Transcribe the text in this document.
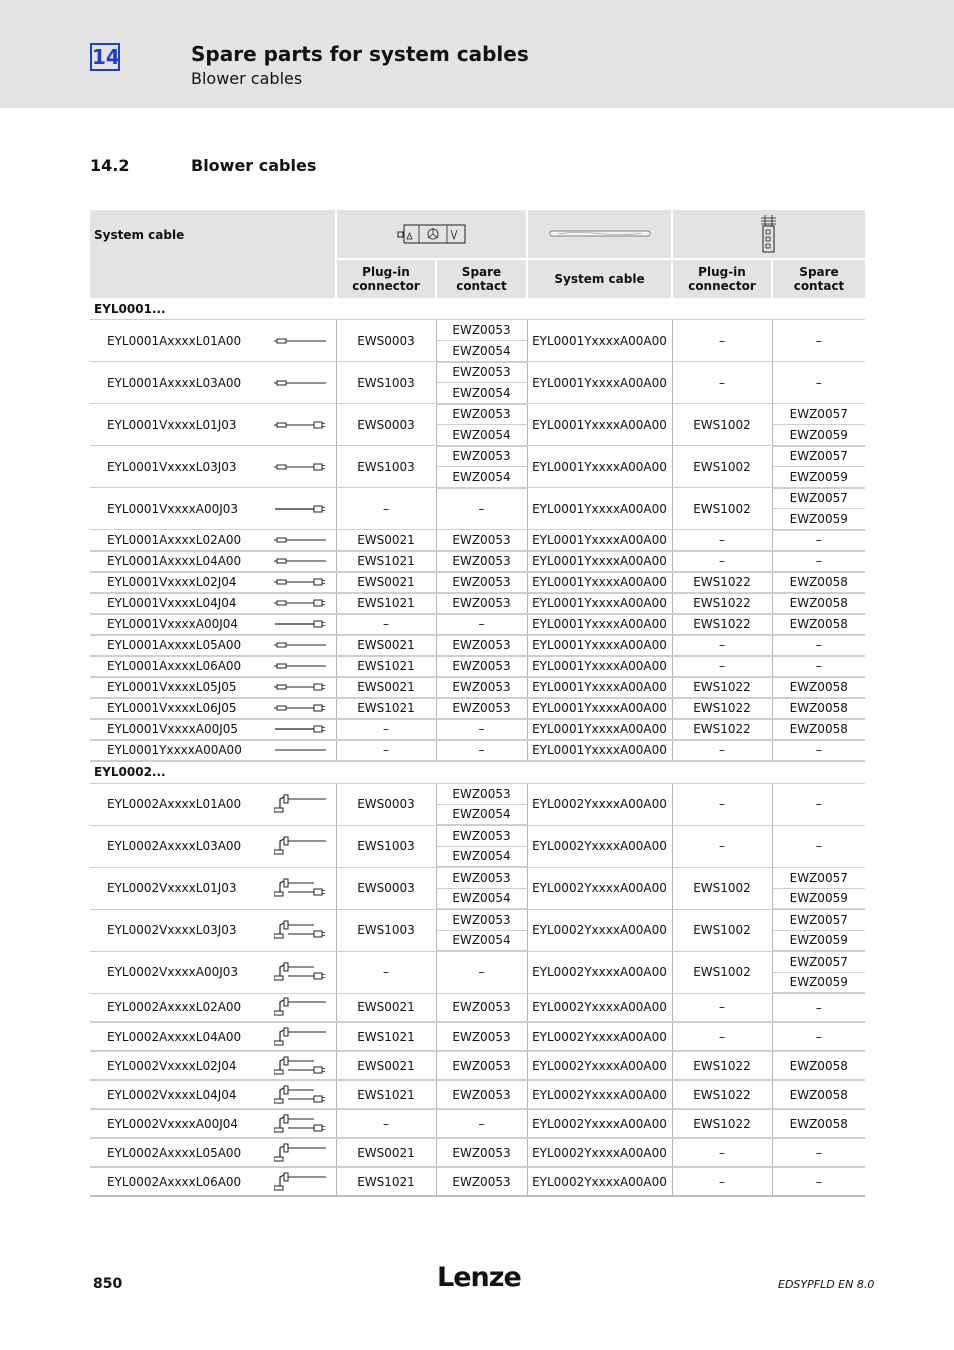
14	Spare parts for system cables
Blower cables
14.2	Blower cables
System cable	

	Plug-in connector	Spare contact	System cable	Plug-in connector	Spare contact
EYL0001...					

EYL0001AxxxxL01A00	EWS0003	EWZ0053	EYL0001YxxxxA00A00	–	–
		EWZ0054			

EYL0001AxxxxL03A00	EWS1003	EWZ0053	EYL0001YxxxxA00A00	–	–
		EWZ0054			

EYL0001VxxxxL01J03	EWS0003	EWZ0053	EYL0001YxxxxA00A00	EWS1002	EWZ0057
		EWZ0054			EWZ0059

EYL0001VxxxxL03J03	EWS1003	EWZ0053	EYL0001YxxxxA00A00	EWS1002	EWZ0057
		EWZ0054			EWZ0059

EYL0001VxxxxA00J03	–	–	EYL0001YxxxxA00A00	EWS1002	EWZ0057
					EWZ0059

EYL0001AxxxxL02A00	EWS0021	EWZ0053	EYL0001YxxxxA00A00	–	–

EYL0001AxxxxL04A00	EWS1021	EWZ0053	EYL0001YxxxxA00A00	–	–

EYL0001VxxxxL02J04	EWS0021	EWZ0053	EYL0001YxxxxA00A00	EWS1022	EWZ0058

EYL0001VxxxxL04J04	EWS1021	EWZ0053	EYL0001YxxxxA00A00	EWS1022	EWZ0058

EYL0001VxxxxA00J04	–	–	EYL0001YxxxxA00A00	EWS1022	EWZ0058

EYL0001AxxxxL05A00	EWS0021	EWZ0053	EYL0001YxxxxA00A00	–	–

EYL0001AxxxxL06A00	EWS1021	EWZ0053	EYL0001YxxxxA00A00	–	–

EYL0001VxxxxL05J05	EWS0021	EWZ0053	EYL0001YxxxxA00A00	EWS1022	EWZ0058

EYL0001VxxxxL06J05	EWS1021	EWZ0053	EYL0001YxxxxA00A00	EWS1022	EWZ0058

EYL0001VxxxxA00J05	–	–	EYL0001YxxxxA00A00	EWS1022	EWZ0058

EYL0001YxxxxA00A00	–	–	EYL0001YxxxxA00A00	–	–
EYL0002...					

EYL0002AxxxxL01A00	EWS0003	EWZ0053	EYL0002YxxxxA00A00	–	–
		EWZ0054			

EYL0002AxxxxL03A00	EWS1003	EWZ0053	EYL0002YxxxxA00A00	–	–
		EWZ0054			

EYL0002VxxxxL01J03	EWS0003	EWZ0053	EYL0002YxxxxA00A00	EWS1002	EWZ0057
		EWZ0054			EWZ0059

EYL0002VxxxxL03J03	EWS1003	EWZ0053	EYL0002YxxxxA00A00	EWS1002	EWZ0057
		EWZ0054			EWZ0059

EYL0002VxxxxA00J03	–	–	EYL0002YxxxxA00A00	EWS1002	EWZ0057
					EWZ0059

EYL0002AxxxxL02A00	EWS0021	EWZ0053	EYL0002YxxxxA00A00	–	–

EYL0002AxxxxL04A00	EWS1021	EWZ0053	EYL0002YxxxxA00A00	–	–

EYL0002VxxxxL02J04	EWS0021	EWZ0053	EYL0002YxxxxA00A00	EWS1022	EWZ0058

EYL0002VxxxxL04J04	EWS1021	EWZ0053	EYL0002YxxxxA00A00	EWS1022	EWZ0058

EYL0002VxxxxA00J04	–	–	EYL0002YxxxxA00A00	EWS1022	EWZ0058

EYL0002AxxxxL05A00	EWS0021	EWZ0053	EYL0002YxxxxA00A00	–	–

EYL0002AxxxxL06A00	EWS1021	EWZ0053	EYL0002YxxxxA00A00	–	–
850	Lenze	EDSYPFLD EN 8.0
